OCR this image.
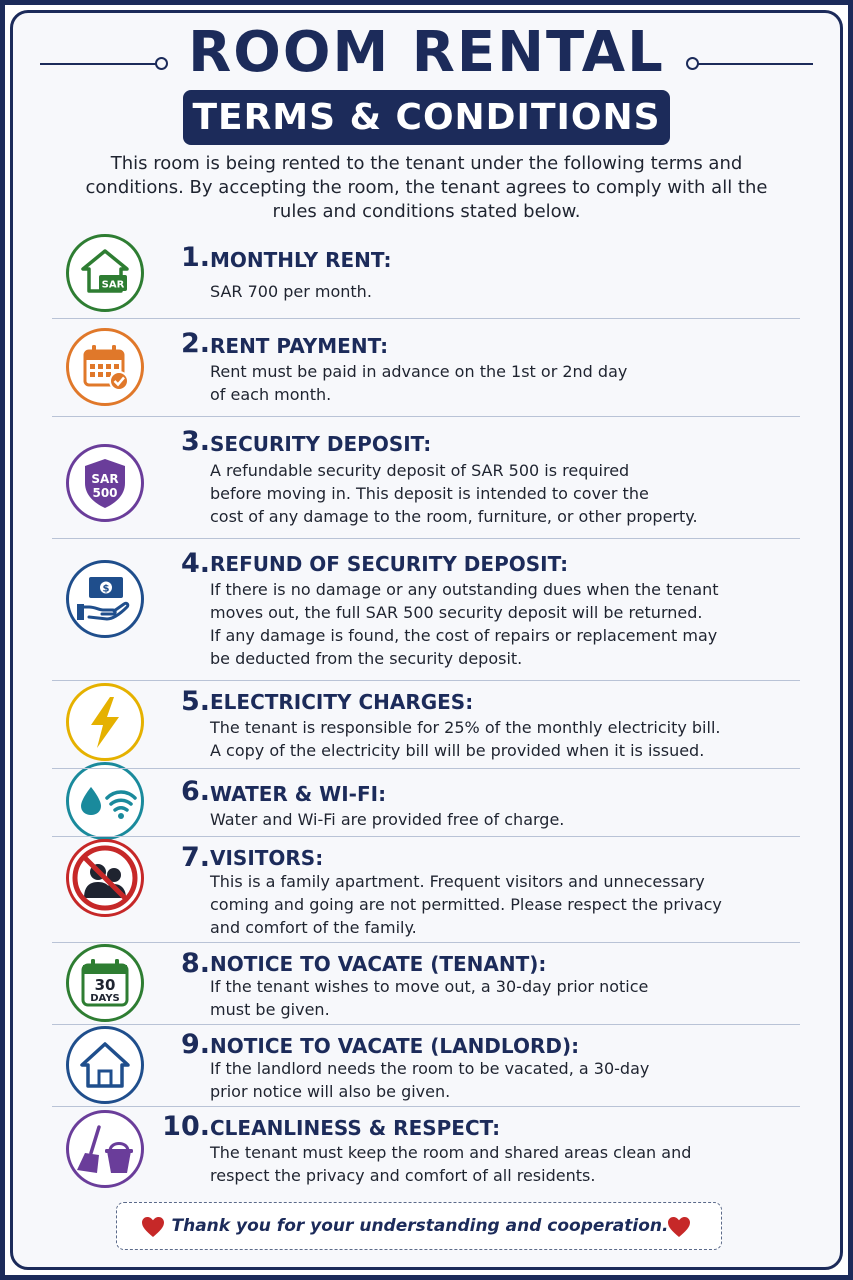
ROOM RENTAL
TERMS & CONDITIONS
This room is being rented to the tenant under the following terms and conditions. By accepting the room, the tenant agrees to comply with all the rules and conditions stated below.
SAR
1. MONTHLY RENT:
SAR 700 per month.
2. RENT PAYMENT:
Rent must be paid in advance on the 1st or 2nd day
of each month.
SAR
500
3. SECURITY DEPOSIT:
A refundable security deposit of SAR 500 is required
before moving in. This deposit is intended to cover the
cost of any damage to the room, furniture, or other property.
$
4. REFUND OF SECURITY DEPOSIT:
If there is no damage or any outstanding dues when the tenant
moves out, the full SAR 500 security deposit will be returned.
If any damage is found, the cost of repairs or replacement may
be deducted from the security deposit.
5. ELECTRICITY CHARGES:
The tenant is responsible for 25% of the monthly electricity bill.
A copy of the electricity bill will be provided when it is issued.
6. WATER & WI-FI:
Water and Wi-Fi are provided free of charge.
7. VISITORS:
This is a family apartment. Frequent visitors and unnecessary
coming and going are not permitted. Please respect the privacy
and comfort of the family.
30
DAYS
8. NOTICE TO VACATE (TENANT):
If the tenant wishes to move out, a 30-day prior notice
must be given.
9. NOTICE TO VACATE (LANDLORD):
If the landlord needs the room to be vacated, a 30-day
prior notice will also be given.
10. CLEANLINESS & RESPECT:
The tenant must keep the room and shared areas clean and
respect the privacy and comfort of all residents.
Thank you for your understanding and cooperation.
